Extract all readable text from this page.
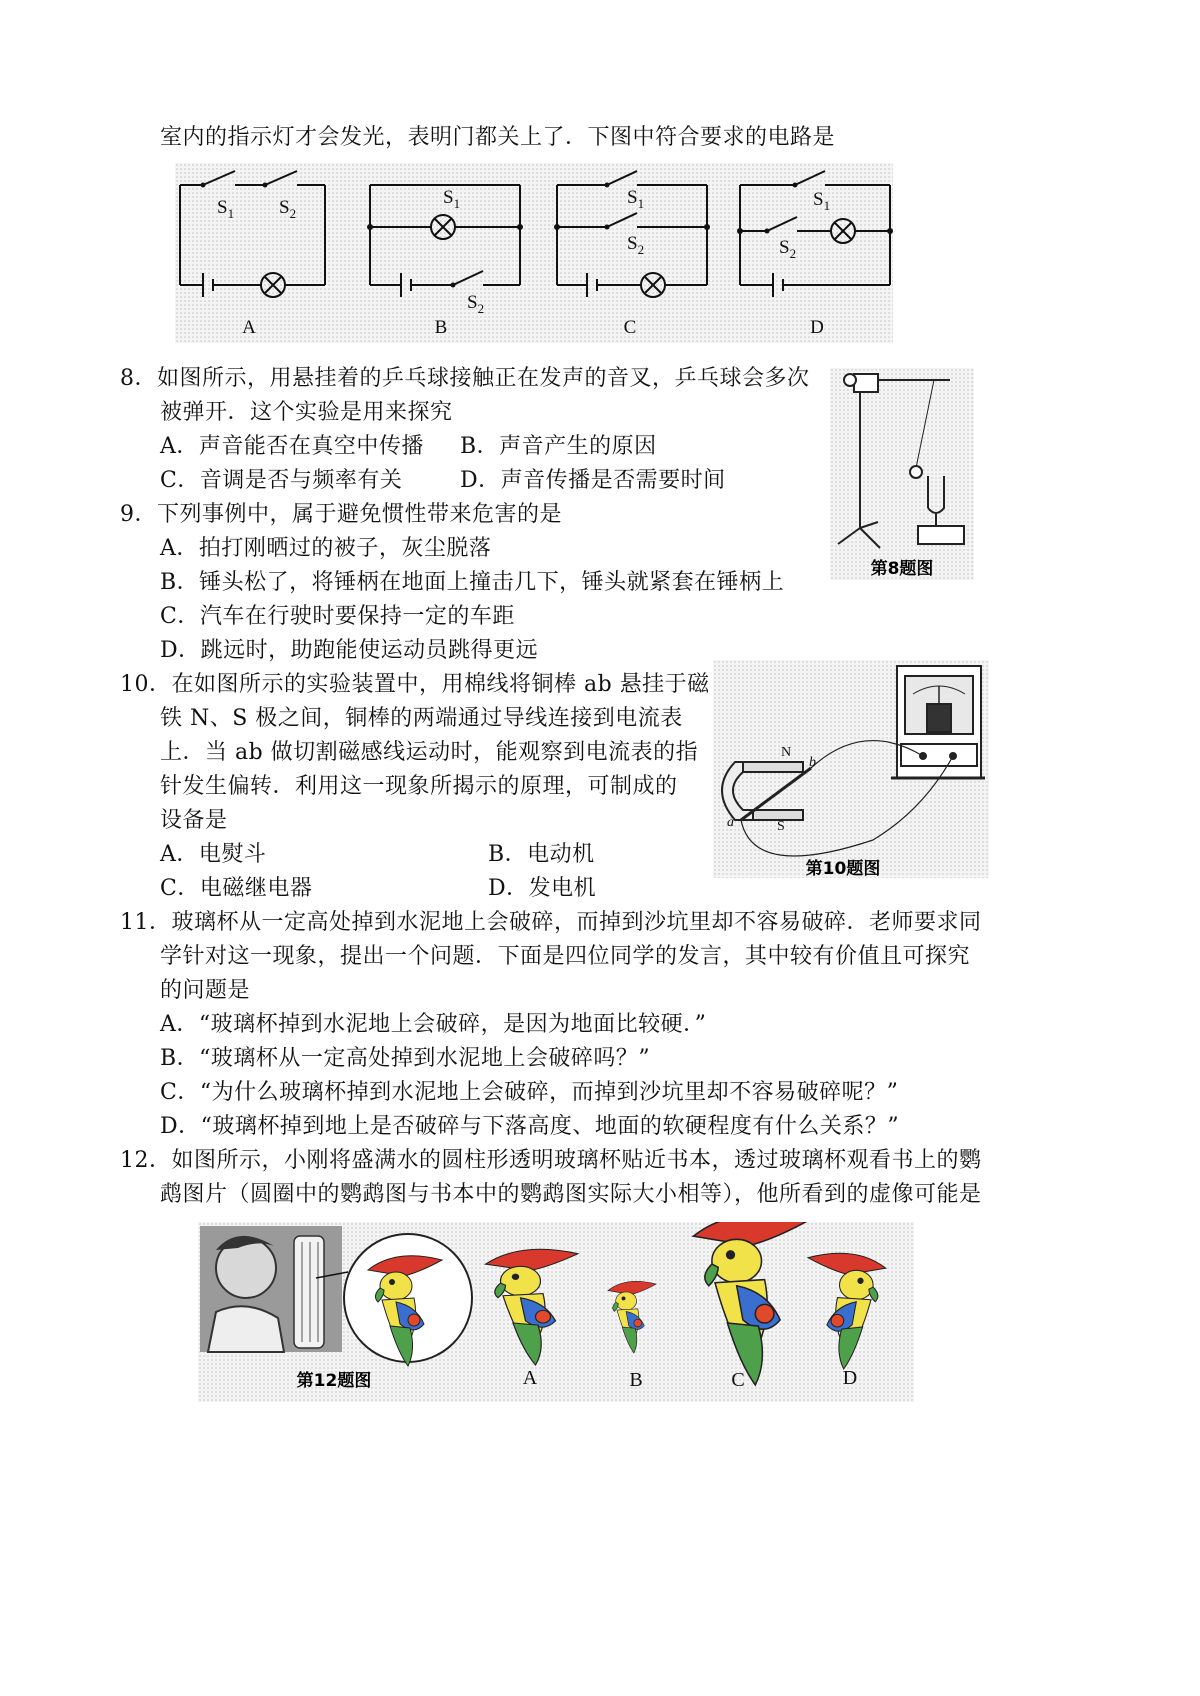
室内的指示灯才会发光，表明门都关上了．下图中符合要求的电路是
$S_1$ $S_2$
$S_1$
$S_2$
$S_1$
$S_2$
$S_1$
$S_2$
A	B	C	D
8．如图所示，用悬挂着的乒乓球接触正在发声的音叉，乒乓球会多次
被弹开．这个实验是用来探究
A．声音能否在真空中传播 B．声音产生的原因
C．音调是否与频率有关	D．声音传播是否需要时间
第8题图
9．下列事例中，属于避免惯性带来危害的是
A．拍打刚晒过的被子，灰尘脱落
B．锤头松了，将锤柄在地面上撞击几下，锤头就紧套在锤柄上
C．汽车在行驶时要保持一定的车距
D．跳远时，助跑能使运动员跳得更远
10．在如图所示的实验装置中，用棉线将铜棒 ab 悬挂于磁
铁 N、S 极之间，铜棒的两端通过导线连接到电流表
上．当 ab 做切割磁感线运动时，能观察到电流表的指
针发生偏转．利用这一现象所揭示的原理，可制成的
设备是
A．电熨斗	B．电动机
C．电磁继电器	D．发电机
N
S
a
b
第10题图
11．玻璃杯从一定高处掉到水泥地上会破碎，而掉到沙坑里却不容易破碎．老师要求同
学针对这一现象，提出一个问题．下面是四位同学的发言，其中较有价值且可探究
的问题是
A．“玻璃杯掉到水泥地上会破碎，是因为地面比较硬．”
B．“玻璃杯从一定高处掉到水泥地上会破碎吗？”
C．“为什么玻璃杯掉到水泥地上会破碎，而掉到沙坑里却不容易破碎呢？”
D．“玻璃杯掉到地上是否破碎与下落高度、地面的软硬程度有什么关系？”
12．如图所示，小刚将盛满水的圆柱形透明玻璃杯贴近书本，透过玻璃杯观看书上的鹦
鹉图片（圆圈中的鹦鹉图与书本中的鹦鹉图实际大小相等），他所看到的虚像可能是
第12题图	A	B	C	D
